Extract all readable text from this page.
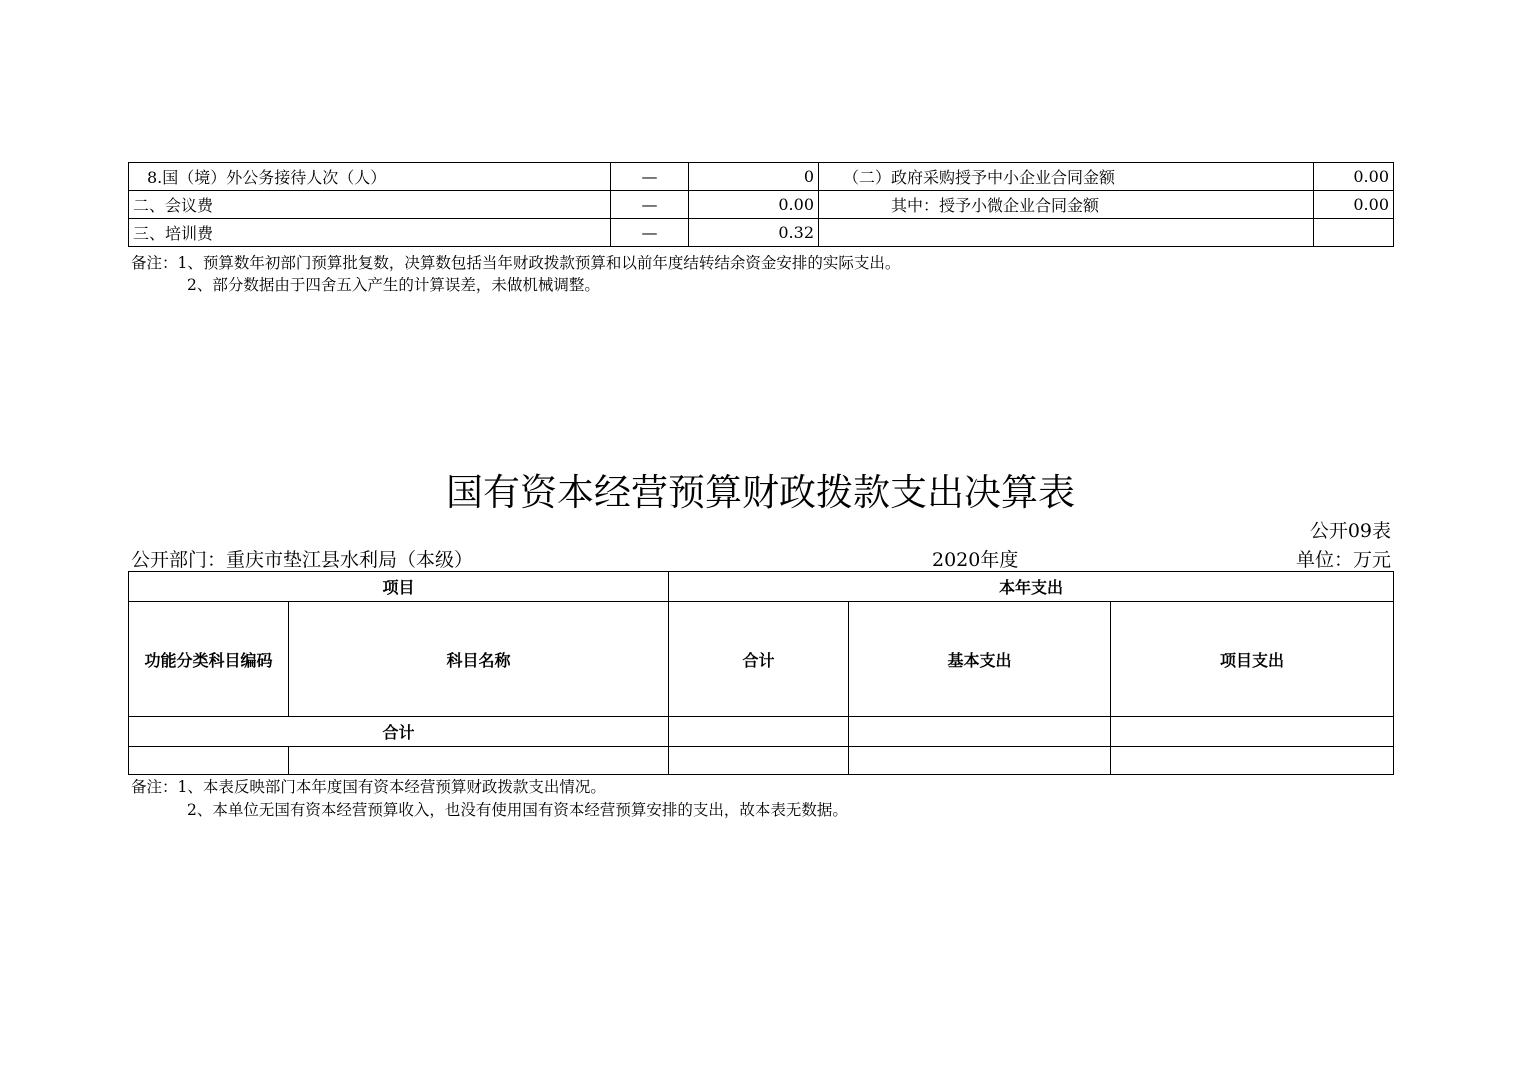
8.国（境）外公务接待人次（人）	—	0	（二）政府采购授予中小企业合同金额	0.00
二、会议费	—	0.00	其中：授予小微企业合同金额	0.00
三、培训费	—	0.32		
备注：1、预算数年初部门预算批复数，决算数包括当年财政拨款预算和以前年度结转结余资金安排的实际支出。
2、部分数据由于四舍五入产生的计算误差，未做机械调整。
国有资本经营预算财政拨款支出决算表
公开09表
公开部门：重庆市垫江县水利局（本级）	2020年度	单位：万元
项目		本年支出		
功能分类科目编码	科目名称	合计	基本支出	项目支出
合计				

备注：1、本表反映部门本年度国有资本经营预算财政拨款支出情况。
2、本单位无国有资本经营预算收入，也没有使用国有资本经营预算安排的支出，故本表无数据。
